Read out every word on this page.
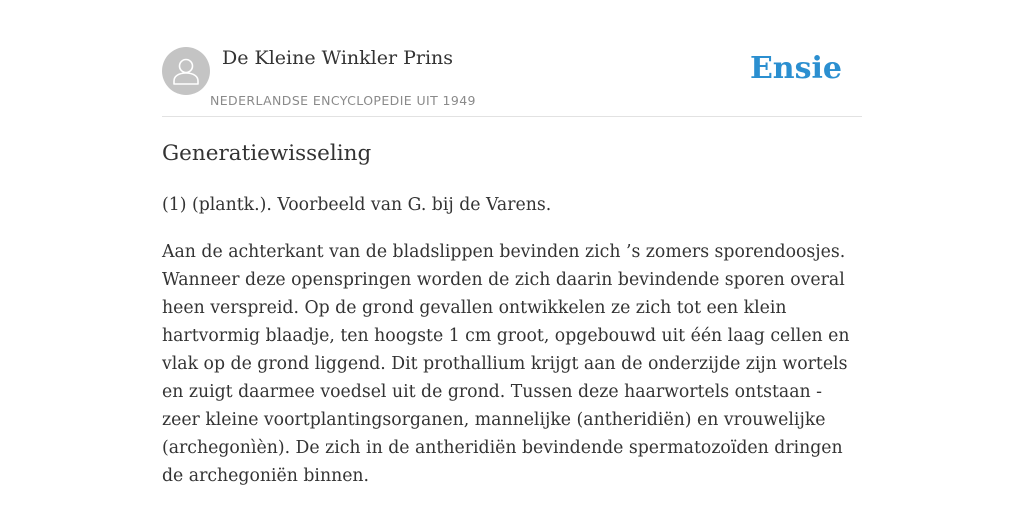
De Kleine Winkler Prins
NEDERLANDSE ENCYCLOPEDIE UIT 1949
Ensie
Generatiewisseling

(1) (plantk.). Voorbeeld van G. bij de Varens.

Aan de achterkant van de bladslippen bevinden zich ’s zomers sporendoosjes. Wanneer deze openspringen worden de zich daarin bevindende sporen overal heen verspreid. Op de grond gevallen ontwikkelen ze zich tot een klein hartvormig blaadje, ten hoogste 1 cm groot, opgebouwd uit één laag cellen en vlak op de grond liggend. Dit prothallium krijgt aan de onderzijde zijn wortels en zuigt daarmee voedsel uit de grond. Tussen deze haarwortels ontstaan - zeer kleine voortplantingsorganen, mannelijke (antheridiën) en vrouwelijke (archegonìèn). De zich in de antheridiën bevindende spermatozoïden dringen de archegoniën binnen.
